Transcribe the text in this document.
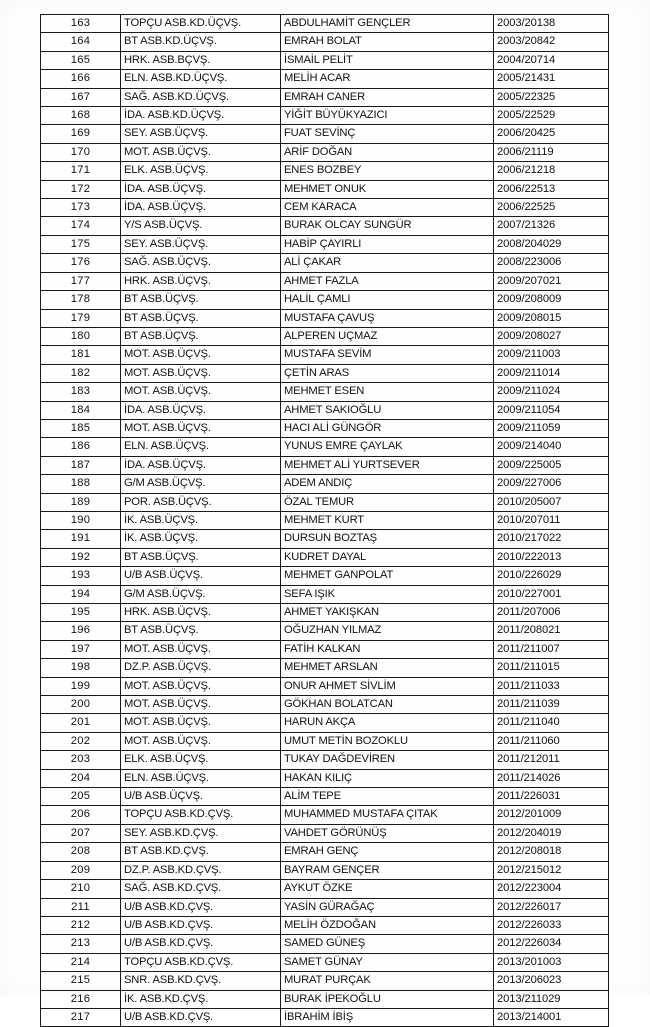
163	TOPÇU ASB.KD.ÜÇVŞ.	ABDULHAMİT GENÇLER	2003/20138
164	BT ASB.KD.ÜÇVŞ.	EMRAH BOLAT	2003/20842
165	HRK. ASB.BÇVŞ.	İSMAİL PELİT	2004/20714
166	ELN. ASB.KD.ÜÇVŞ.	MELİH ACAR	2005/21431
167	SAĞ. ASB.KD.ÜÇVŞ.	EMRAH CANER	2005/22325
168	İDA. ASB.KD.ÜÇVŞ.	YİĞİT BÜYÜKYAZICI	2005/22529
169	SEY. ASB.ÜÇVŞ.	FUAT SEVİNÇ	2006/20425
170	MOT. ASB.ÜÇVŞ.	ARİF DOĞAN	2006/21119
171	ELK. ASB.ÜÇVŞ.	ENES BOZBEY	2006/21218
172	İDA. ASB.ÜÇVŞ.	MEHMET ONUK	2006/22513
173	İDA. ASB.ÜÇVŞ.	CEM KARACA	2006/22525
174	Y/S ASB.ÜÇVŞ.	BURAK OLCAY SUNGÜR	2007/21326
175	SEY. ASB.ÜÇVŞ.	HABİP ÇAYIRLI	2008/204029
176	SAĞ. ASB.ÜÇVŞ.	ALİ ÇAKAR	2008/223006
177	HRK. ASB.ÜÇVŞ.	AHMET FAZLA	2009/207021
178	BT ASB.ÜÇVŞ.	HALİL ÇAMLI	2009/208009
179	BT ASB.ÜÇVŞ.	MUSTAFA ÇAVUŞ	2009/208015
180	BT ASB.ÜÇVŞ.	ALPEREN UÇMAZ	2009/208027
181	MOT. ASB.ÜÇVŞ.	MUSTAFA SEVİM	2009/211003
182	MOT. ASB.ÜÇVŞ.	ÇETİN ARAS	2009/211014
183	MOT. ASB.ÜÇVŞ.	MEHMET ESEN	2009/211024
184	İDA. ASB.ÜÇVŞ.	AHMET SAKIOĞLU	2009/211054
185	MOT. ASB.ÜÇVŞ.	HACI ALİ GÜNGÖR	2009/211059
186	ELN. ASB.ÜÇVŞ.	YUNUS EMRE ÇAYLAK	2009/214040
187	İDA. ASB.ÜÇVŞ.	MEHMET ALİ YURTSEVER	2009/225005
188	G/M ASB.ÜÇVŞ.	ADEM ANDIÇ	2009/227006
189	POR. ASB.ÜÇVŞ.	ÖZAL TEMUR	2010/205007
190	İK. ASB.ÜÇVŞ.	MEHMET KURT	2010/207011
191	İK. ASB.ÜÇVŞ.	DURSUN BOZTAŞ	2010/217022
192	BT ASB.ÜÇVŞ.	KUDRET DAYAL	2010/222013
193	U/B ASB.ÜÇVŞ.	MEHMET GANPOLAT	2010/226029
194	G/M ASB.ÜÇVŞ.	SEFA IŞIK	2010/227001
195	HRK. ASB.ÜÇVŞ.	AHMET YAKIŞKAN	2011/207006
196	BT ASB.ÜÇVŞ.	OĞUZHAN YILMAZ	2011/208021
197	MOT. ASB.ÜÇVŞ.	FATİH KALKAN	2011/211007
198	DZ.P. ASB.ÜÇVŞ.	MEHMET ARSLAN	2011/211015
199	MOT. ASB.ÜÇVŞ.	ONUR AHMET SİVLİM	2011/211033
200	MOT. ASB.ÜÇVŞ.	GÖKHAN BOLATCAN	2011/211039
201	MOT. ASB.ÜÇVŞ.	HARUN AKÇA	2011/211040
202	MOT. ASB.ÜÇVŞ.	UMUT METİN BOZOKLU	2011/211060
203	ELK. ASB.ÜÇVŞ.	TUKAY DAĞDEVİREN	2011/212011
204	ELN. ASB.ÜÇVŞ.	HAKAN KILIÇ	2011/214026
205	U/B ASB.ÜÇVŞ.	ALİM TEPE	2011/226031
206	TOPÇU ASB.KD.ÇVŞ.	MUHAMMED MUSTAFA ÇITAK	2012/201009
207	SEY. ASB.KD.ÇVŞ.	VAHDET GÖRÜNÜŞ	2012/204019
208	BT ASB.KD.ÇVŞ.	EMRAH GENÇ	2012/208018
209	DZ.P. ASB.KD.ÇVŞ.	BAYRAM GENÇER	2012/215012
210	SAĞ. ASB.KD.ÇVŞ.	AYKUT ÖZKE	2012/223004
211	U/B ASB.KD.ÇVŞ.	YASİN GÜRAĞAÇ	2012/226017
212	U/B ASB.KD.ÇVŞ.	MELİH ÖZDOĞAN	2012/226033
213	U/B ASB.KD.ÇVŞ.	SAMED GÜNEŞ	2012/226034
214	TOPÇU ASB.KD.ÇVŞ.	SAMET GÜNAY	2013/201003
215	SNR. ASB.KD.ÇVŞ.	MURAT PURÇAK	2013/206023
216	İK. ASB.KD.ÇVŞ.	BURAK İPEKOĞLU	2013/211029
217	U/B ASB.KD.ÇVŞ.	İBRAHİM İBİŞ	2013/214001
